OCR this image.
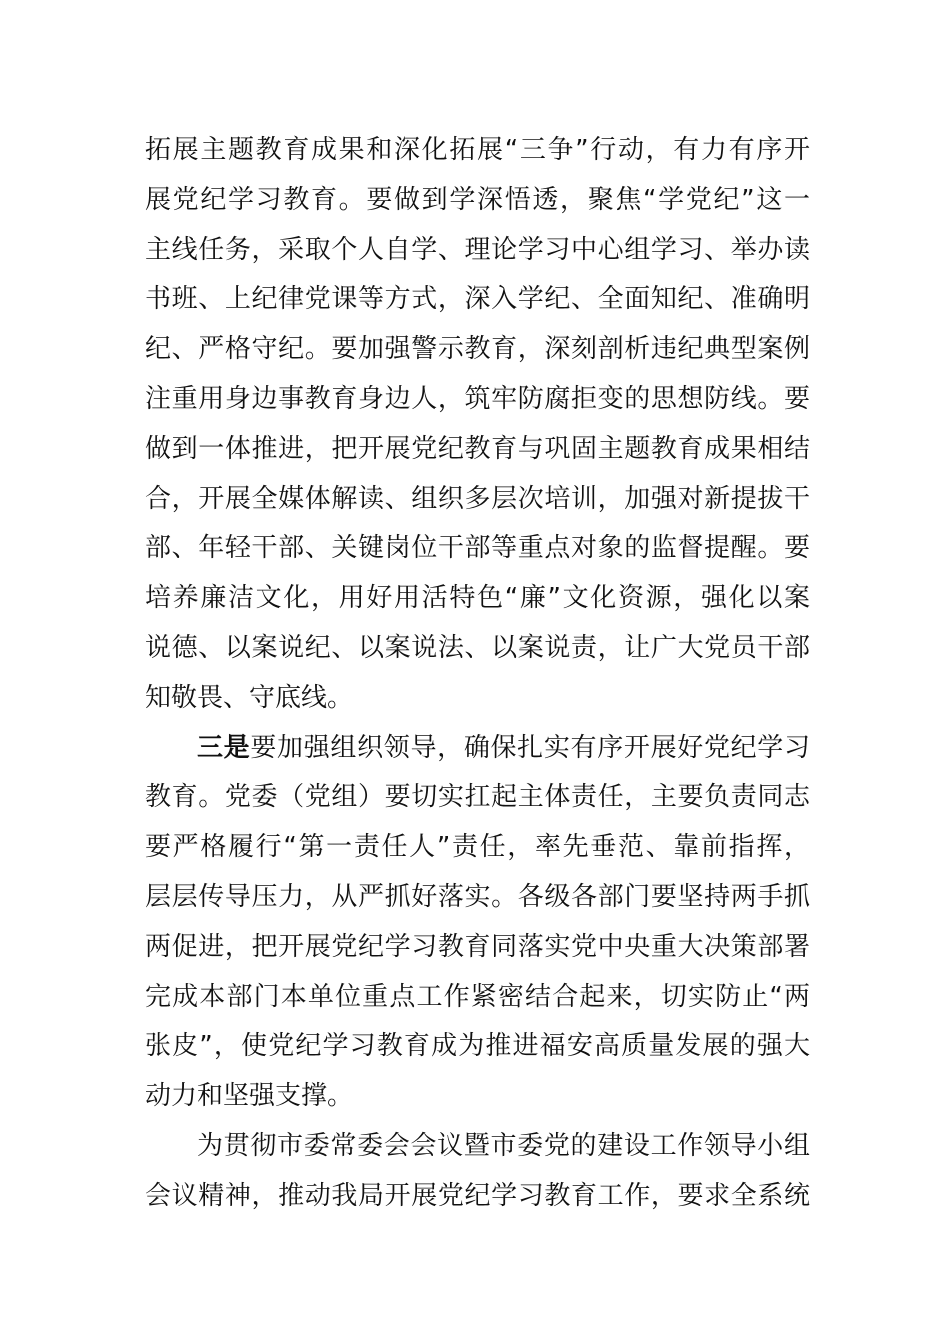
拓展主题教育成果和深化拓展“三争”行动，有力有序开
展党纪学习教育。要做到学深悟透，聚焦“学党纪”这一
主线任务，采取个人自学、理论学习中心组学习、举办读
书班、上纪律党课等方式，深入学纪、全面知纪、准确明
纪、严格守纪。要加强警示教育，深刻剖析违纪典型案例
注重用身边事教育身边人，筑牢防腐拒变的思想防线。要
做到一体推进，把开展党纪教育与巩固主题教育成果相结
合，开展全媒体解读、组织多层次培训，加强对新提拔干
部、年轻干部、关键岗位干部等重点对象的监督提醒。要
培养廉洁文化，用好用活特色“廉”文化资源，强化以案
说德、以案说纪、以案说法、以案说责，让广大党员干部
知敬畏、守底线。
三是要加强组织领导，确保扎实有序开展好党纪学习
教育。党委（党组）要切实扛起主体责任，主要负责同志
要严格履行“第一责任人”责任，率先垂范、靠前指挥，
层层传导压力，从严抓好落实。各级各部门要坚持两手抓
两促进，把开展党纪学习教育同落实党中央重大决策部署
完成本部门本单位重点工作紧密结合起来，切实防止“两
张皮”，使党纪学习教育成为推进福安高质量发展的强大
动力和坚强支撑。
为贯彻市委常委会会议暨市委党的建设工作领导小组
会议精神，推动我局开展党纪学习教育工作，要求全系统
